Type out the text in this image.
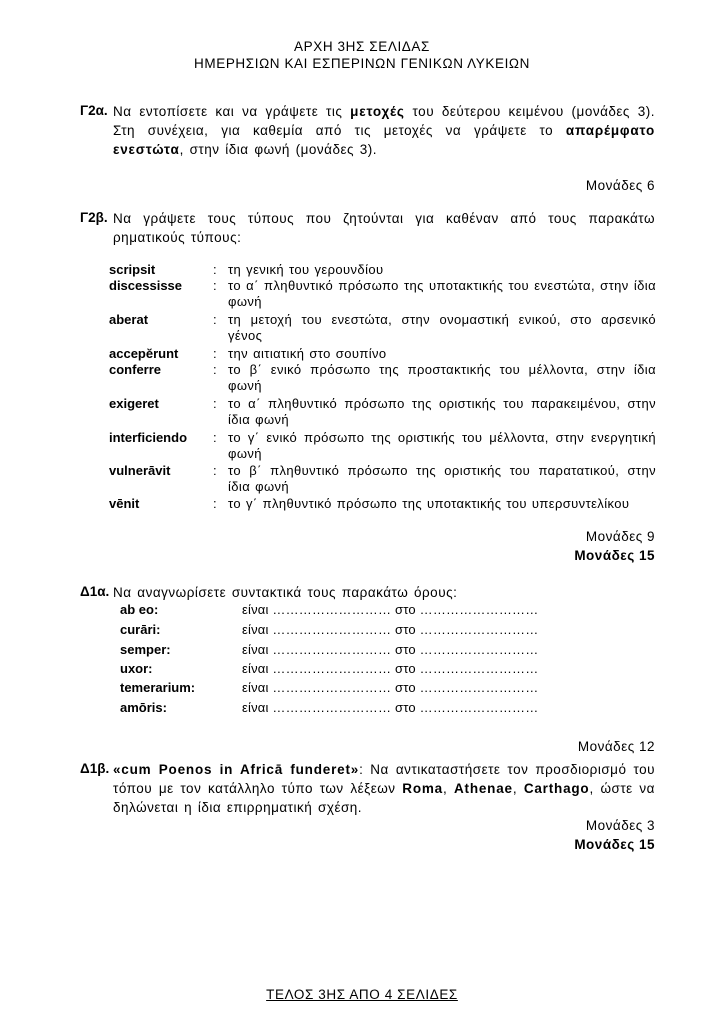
ΑΡΧΗ 3ΗΣ ΣΕΛΙΔΑΣ
ΗΜΕΡΗΣΙΩΝ ΚΑΙ ΕΣΠΕΡΙΝΩΝ ΓΕΝΙΚΩΝ ΛΥΚΕΙΩΝ
Γ2α. Να εντοπίσετε και να γράψετε τις μετοχές του δεύτερου κειμένου (μονάδες 3). Στη συνέχεια, για καθεμία από τις μετοχές να γράψετε το απαρέμφατο ενεστώτα, στην ίδια φωνή (μονάδες 3).
Μονάδες 6
Γ2β. Να γράψετε τους τύπους που ζητούνται για καθέναν από τους παρακάτω ρηματικούς τύπους:
scripsit	: τη γενική του γερουνδίου
discessisse : το α΄ πληθυντικό πρόσωπο της υποτακτικής του ενεστώτα, στην ίδια φωνή
aberat	: τη μετοχή του ενεστώτα, στην ονομαστική ενικού, στο αρσενικό γένος
accepĕrunt	: την αιτιατική στο σουπίνο
conferre	: το β΄ ενικό πρόσωπο της προστακτικής του μέλλοντα, στην ίδια φωνή
exigeret	: το α΄ πληθυντικό πρόσωπο της οριστικής του παρακειμένου, στην ίδια φωνή
interficiendo : το γ΄ ενικό πρόσωπο της οριστικής του μέλλοντα, στην ενεργητική φωνή
vulnerāvit	: το β΄ πληθυντικό πρόσωπο της οριστικής του παρατατικού, στην ίδια φωνή
vēnit	: το γ΄ πληθυντικό πρόσωπο της υποτακτικής του υπερσυντελίκου
Μονάδες 9
Μονάδες 15
Δ1α. Να αναγνωρίσετε συντακτικά τους παρακάτω όρους:
ab eo:	είναι ……………………… στο ………………………
curāri:	είναι ……………………… στο ………………………
semper:	είναι ……………………… στο ………………………
uxor:	είναι ……………………… στο ………………………
temerarium:	είναι ……………………… στο ………………………
amōris:	είναι ……………………… στο ………………………
Μονάδες 12
Δ1β. «cum Poenos in Africā funderet»: Να αντικαταστήσετε τον προσδιορισμό του τόπου με τον κατάλληλο τύπο των λέξεων Roma, Athenae, Carthago, ώστε να δηλώνεται η ίδια επιρρηματική σχέση.
Μονάδες 3
Μονάδες 15
ΤΕΛΟΣ 3ΗΣ ΑΠΟ 4 ΣΕΛΙΔΕΣ
